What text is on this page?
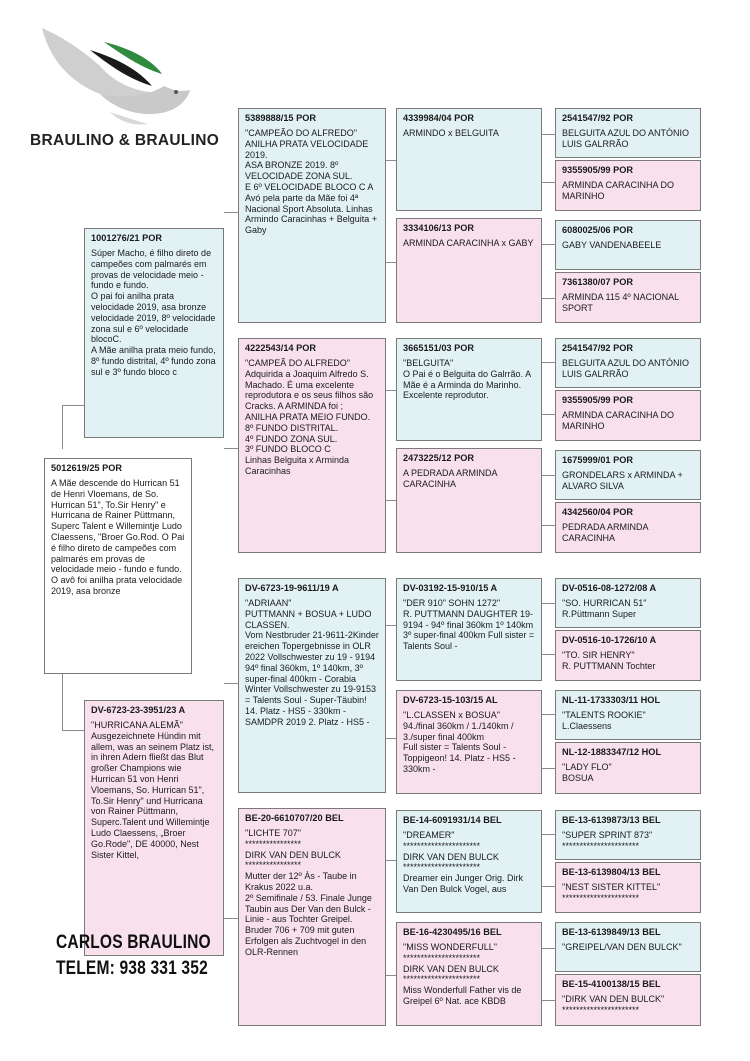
BRAULINO & BRAULINO
1001276/21 POR
Súper Macho, é filho direto de campeões com palmarés em provas de velocidade meio - fundo e fundo.
O pai foi anilha prata velocidade 2019, asa bronze velocidade 2019, 8º velocidade zona sul e 6º velocidade blocoC.
A Mãe anilha prata meio fundo, 8º fundo distrital, 4º fundo zona sul e 3º fundo bloco c
DV-6723-23-3951/23 A
"HURRICANA ALEMÃ"
Ausgezeichnete Hündin mit allem, was an seinem Platz ist, in ihren Adern fließt das Blut großer Champions wie Hurrican 51 von Henri Vloemans, So. Hurrican 51", To.Sir Henry" und Hurricana von Rainer Püttmann, Superc.Talent und Willemintje Ludo Claessens, „Broer Go.Rode", DE 40000, Nest Sister Kittel,
5012619/25 POR
A Mãe descende do Hurrican 51 de Henri Vloemans, de So. Hurrican 51", To.Sir Henry" e Hurricana de Rainer Püttmann, Superc Talent e Willemintje Ludo Claessens, "Broer Go.Rod. O Pai é filho direto de campeões com palmarés em provas de velocidade meio - fundo e fundo. O avô foi anilha prata velocidade 2019, asa bronze
5389888/15 POR
"CAMPEÃO DO ALFREDO"
ANILHA PRATA VELOCIDADE 2019.
ASA BRONZE 2019. 8º VELOCIDADE ZONA SUL.
E 6º VELOCIDADE BLOCO C A Avó pela parte da Mãe foi 4ª Nacional Sport Absoluta. Linhas Armindo Caracinhas + Belguita + Gaby
4222543/14 POR
"CAMPEÃ DO ALFREDO"
Adquirida a Joaquim Alfredo S. Machado. É uma excelente reprodutora e os seus filhos são Cracks. A ARMINDA foi ;
ANILHA PRATA MEIO FUNDO.
8º FUNDO DISTRITAL.
4º FUNDO ZONA SUL.
3º FUNDO BLOCO C
Linhas Belguita x Arminda Caracinhas
DV-6723-19-9611/19 A
"ADRIAAN"
PUTTMANN + BOSUA + LUDO CLASSEN.
Vom Nestbruder 21-9611-2Kinder ereichen Topergebnisse in OLR 2022 Vollschwester zu 19 - 9194 94º final 360km, 1º 140km, 3º super-final 400km - Corabia Winter Vollschwester zu 19-9153 = Talents Soul - Super-Täubin! 14. Platz - HS5 - 330km - SAMDPR 2019 2. Platz - HS5 -
BE-20-6610707/20 BEL
"LICHTE 707"
****************
DIRK VAN DEN BULCK
****************
Mutter der 12º Às - Taube in Krakus 2022 u.a.
2º Semifinale / 53. Finale Junge Taubin aus Der Van den Bulck - Linie - aus Tochter Greipel.
Bruder 706 + 709 mit guten Erfolgen als Zuchtvogel in den OLR-Rennen
4339984/04 POR
ARMINDO x BELGUITA
3334106/13 POR
ARMINDA CARACINHA x GABY
3665151/03 POR
"BELGUITA"
O Pai é o Belguita do Galrrão. A Mãe é a Arminda do Marinho. Excelente reprodutor.
2473225/12 POR
A PEDRADA ARMINDA CARACINHA
DV-03192-15-910/15 A
"DER 910" SOHN 1272"
R. PUTTMANN DAUGHTER 19-9194 - 94º final 360km 1º 140km 3º super-final 400km Full sister = Talents Soul -
DV-6723-15-103/15 AL
"L.CLASSEN x BOSUA"
94./final 360km / 1./140km /
3./super final 400km
Full sister = Talents Soul - Toppigeon! 14. Platz - HS5 - 330km -
BE-14-6091931/14 BEL
"DREAMER"
**********************
DIRK VAN DEN BULCK
**********************
Dreamer ein Junger Orig. Dirk Van Den Bulck Vogel, aus
BE-16-4230495/16 BEL
"MISS WONDERFULL"
**********************
DIRK VAN DEN BULCK
**********************
Miss Wonderfull Father vis de Greipel 6º Nat. ace KBDB
2541547/92 POR
BELGUITA AZUL DO ANTÓNIO LUIS GALRRÃO
9355905/99 POR
ARMINDA CARACINHA DO MARINHO
6080025/06 POR
GABY VANDENABEELE
7361380/07 POR
ARMINDA 115 4º NACIONAL SPORT
2541547/92 POR
BELGUITA AZUL DO ANTÓNIO LUIS GALRRÃO
9355905/99 POR
ARMINDA CARACINHA DO MARINHO
1675999/01 POR
GRONDELARS x ARMINDA + ALVARO SILVA
4342560/04 POR
PEDRADA ARMINDA CARACINHA
DV-0516-08-1272/08 A
"SO. HURRICAN 51"
R.Püttmann Super
DV-0516-10-1726/10 A
"TO. SIR HENRY"
R. PUTTMANN Tochter
NL-11-1733303/11 HOL
"TALENTS ROOKIE"
L.Claessens
NL-12-1883347/12 HOL
"LADY FLO"
BOSUA
BE-13-6139873/13 BEL
"SUPER SPRINT 873"
**********************
BE-13-6139804/13 BEL
"NEST SISTER KITTEL"
**********************
BE-13-6139849/13 BEL
"GREIPEL/VAN DEN BULCK"
BE-15-4100138/15 BEL
"DIRK VAN DEN BULCK"
**********************
CARLOS BRAULINO
TELEM: 938 331 352
